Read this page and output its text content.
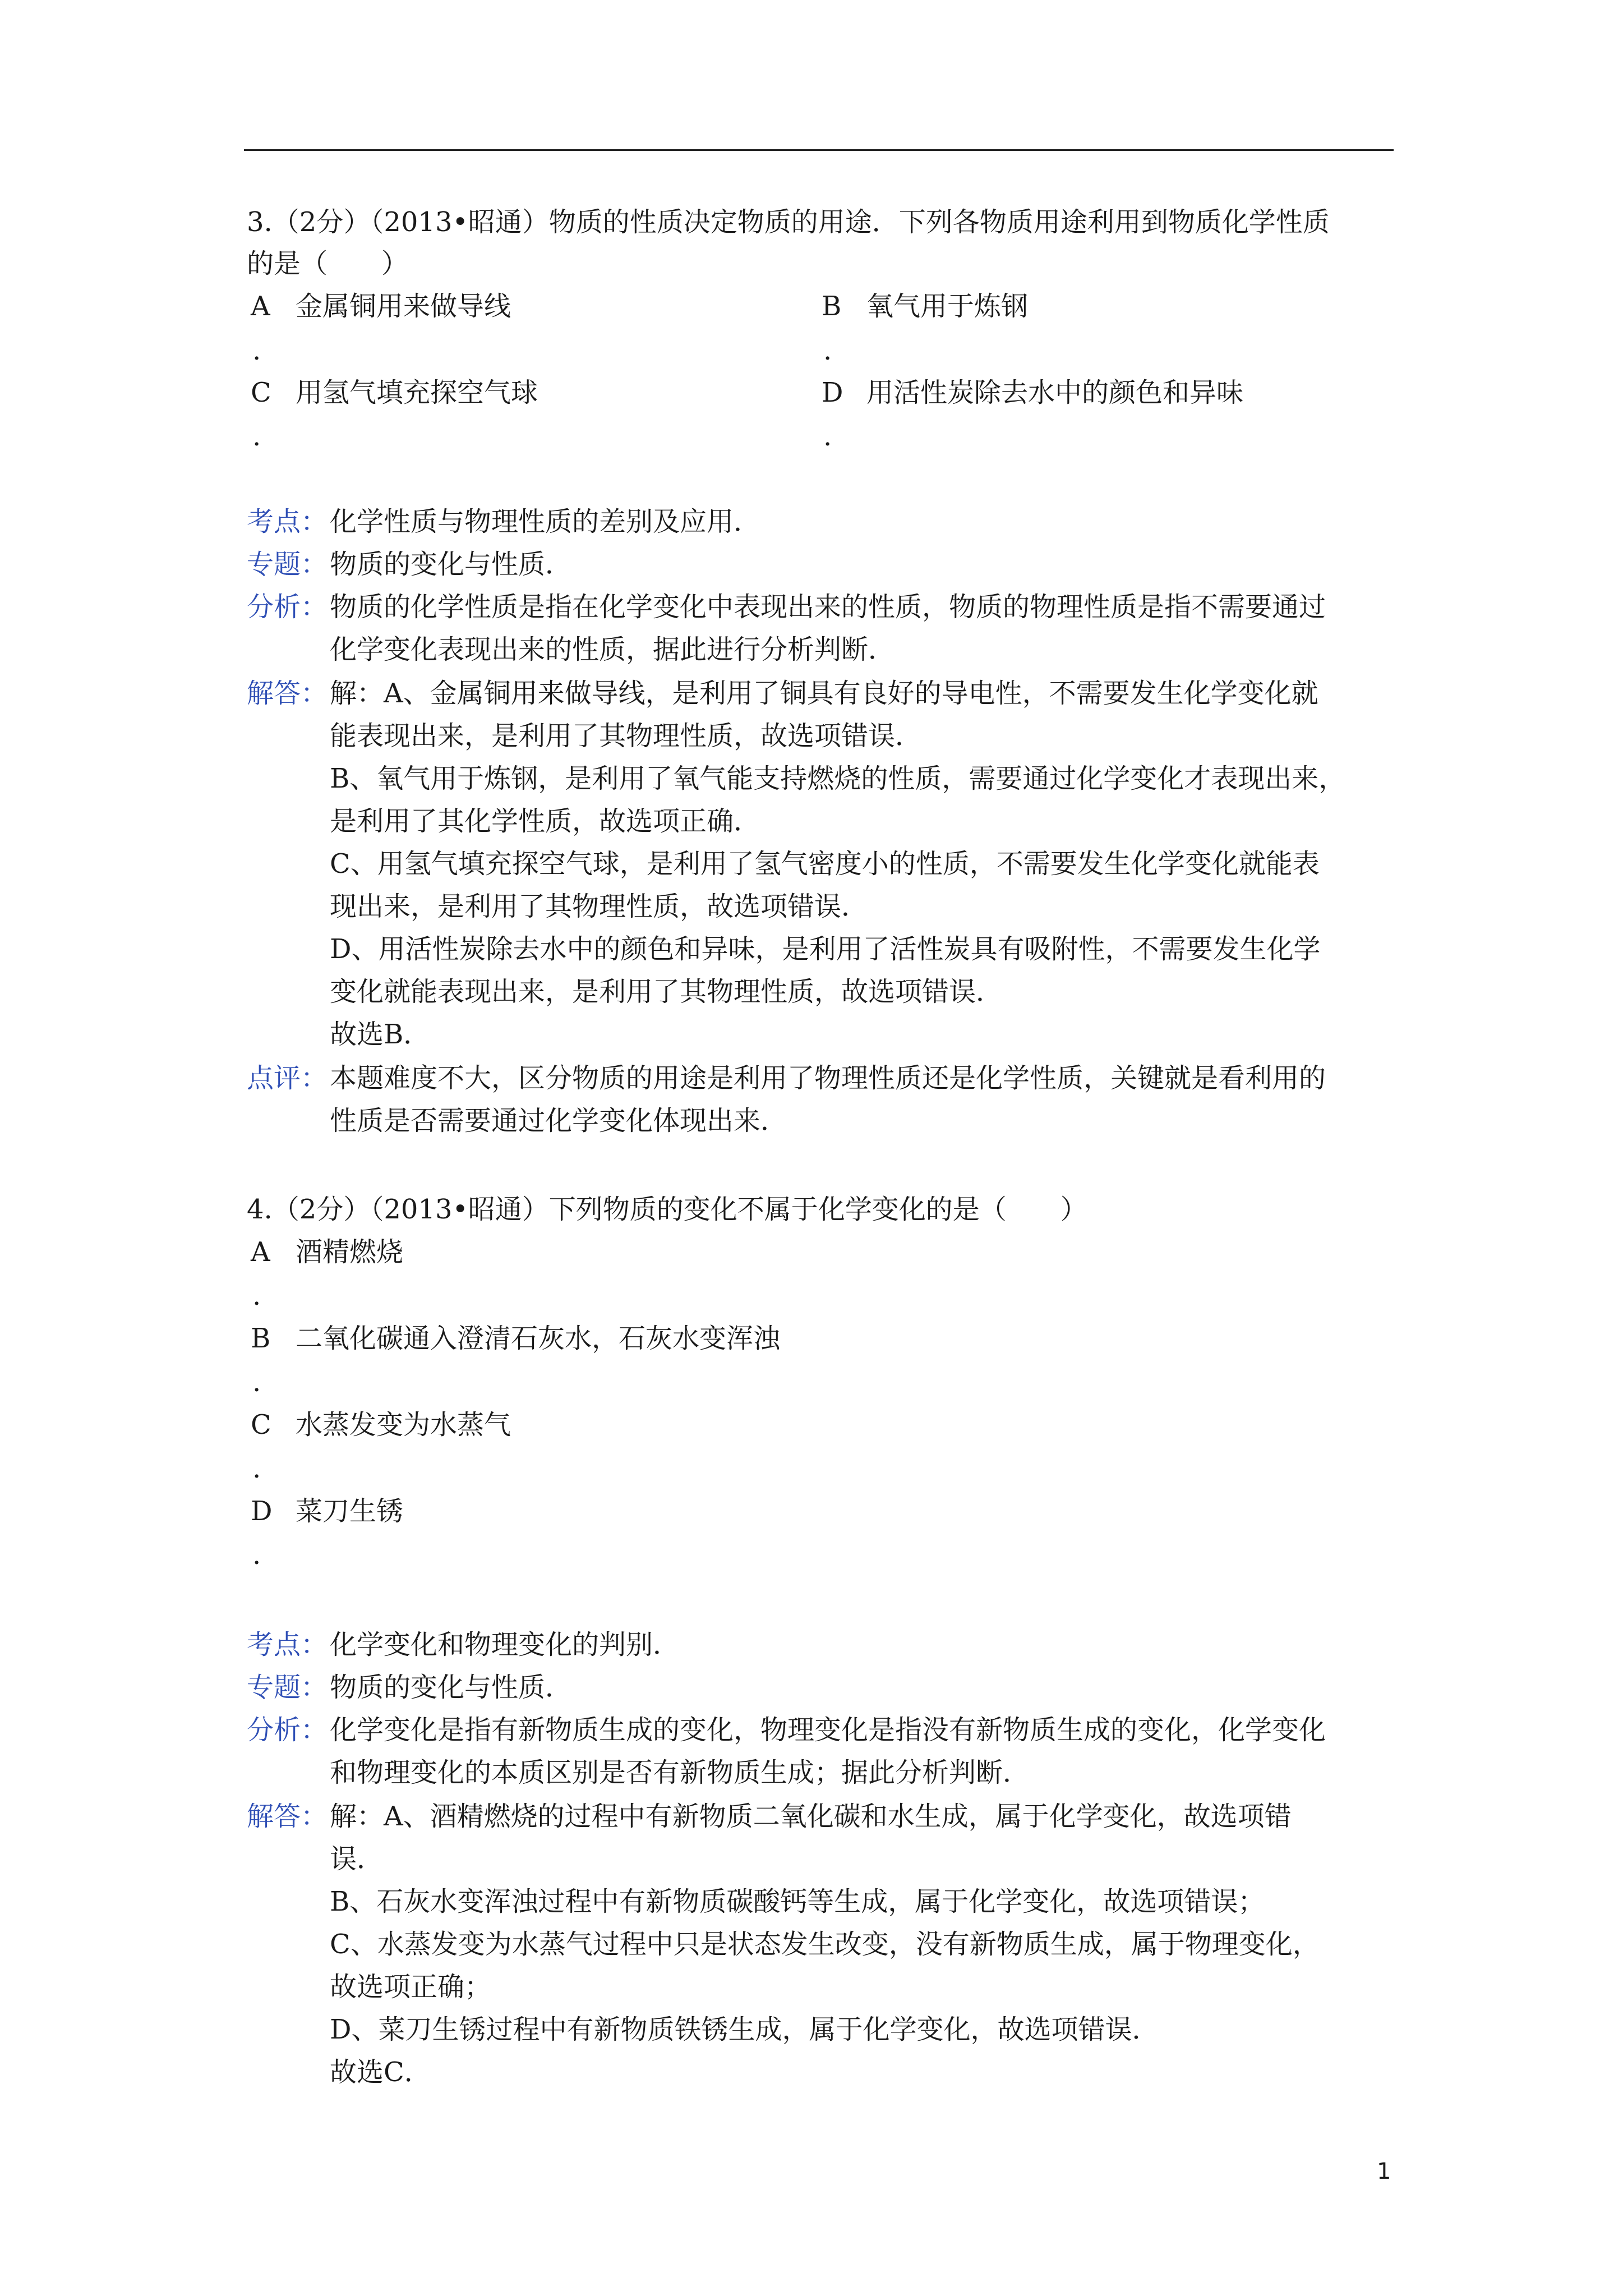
3.（2分）（2013•昭通）物质的性质决定物质的用途．下列各物质用途利用到物质化学性质
的是（　　）
A 金属铜用来做导线	B 氧气用于炼钢
.	.
C 用氢气填充探空气球	D 用活性炭除去水中的颜色和异味
.	.
考点： 化学性质与物理性质的差别及应用．
专题： 物质的变化与性质．
分析： 物质的化学性质是指在化学变化中表现出来的性质，物质的物理性质是指不需要通过
化学变化表现出来的性质，据此进行分析判断．
解答： 解：A、金属铜用来做导线，是利用了铜具有良好的导电性，不需要发生化学变化就
能表现出来，是利用了其物理性质，故选项错误．
B、氧气用于炼钢，是利用了氧气能支持燃烧的性质，需要通过化学变化才表现出来，
是利用了其化学性质，故选项正确．
C、用氢气填充探空气球，是利用了氢气密度小的性质，不需要发生化学变化就能表
现出来，是利用了其物理性质，故选项错误．
D、用活性炭除去水中的颜色和异味，是利用了活性炭具有吸附性，不需要发生化学
变化就能表现出来，是利用了其物理性质，故选项错误．
故选B．
点评： 本题难度不大，区分物质的用途是利用了物理性质还是化学性质，关键就是看利用的
性质是否需要通过化学变化体现出来．
4.（2分）（2013•昭通）下列物质的变化不属于化学变化的是（　　）
A 酒精燃烧
.
B 二氧化碳通入澄清石灰水，石灰水变浑浊
.
C 水蒸发变为水蒸气
.
D 菜刀生锈
.
考点： 化学变化和物理变化的判别．
专题： 物质的变化与性质．
分析： 化学变化是指有新物质生成的变化，物理变化是指没有新物质生成的变化，化学变化
和物理变化的本质区别是否有新物质生成；据此分析判断．
解答： 解：A、酒精燃烧的过程中有新物质二氧化碳和水生成，属于化学变化，故选项错
误．
B、石灰水变浑浊过程中有新物质碳酸钙等生成，属于化学变化，故选项错误；
C、水蒸发变为水蒸气过程中只是状态发生改变，没有新物质生成，属于物理变化，
故选项正确；
D、菜刀生锈过程中有新物质铁锈生成，属于化学变化，故选项错误．
故选C．
1
